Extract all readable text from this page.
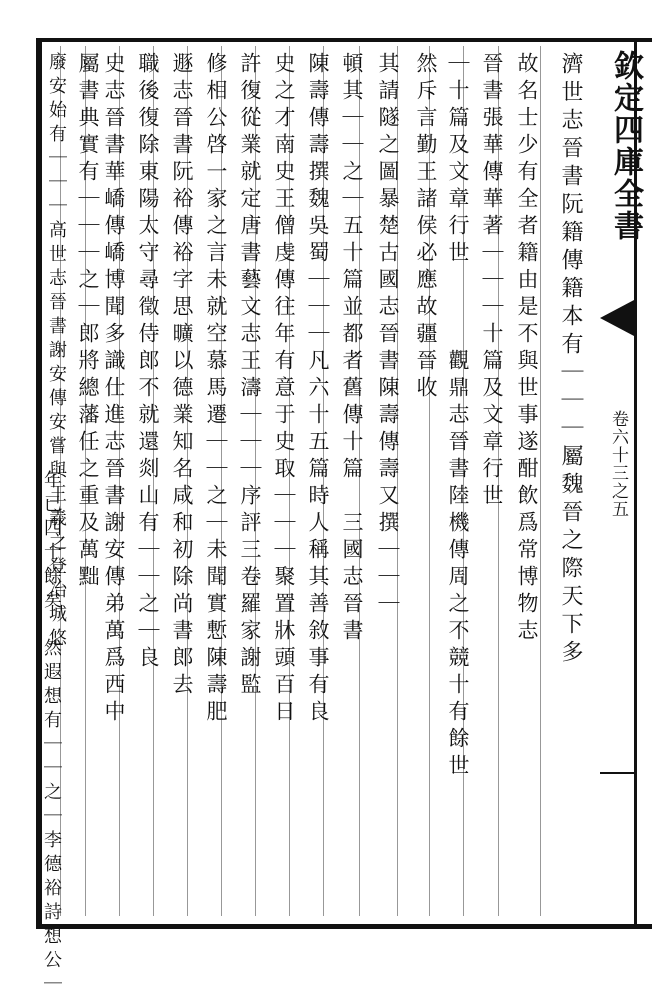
欽定四庫全書
卷六十三之五
濟世志晉書阮籍傳籍本有｜｜｜屬魏晉之際天下多
故名士少有全者籍由是不與世事遂酣飲爲常博物志
晉書張華傳華著｜｜｜十篇及文章行世
｜十篇及文章行世　　　觀鼎志晉書陸機傳周之不競十有餘世
然斥言勤王諸侯必應故疆晉收
其請隧之圖暴楚古國志晉書陳壽傳壽又撰｜｜｜
頓其｜｜之｜五十篇並都者舊傳十篇　三國志晉書
陳壽傳壽撰魏吳蜀｜｜｜凡六十五篇時人稱其善敘事有良
史之才南史王僧虔傳往年有意于史取｜｜｜聚置牀頭百日
許復從業就定唐書藝文志王濤｜｜｜序評三卷羅家謝監
修相公啓一家之言未就空慕馬遷｜｜之｜未聞實慙陳壽肥
遯志晉書阮裕傳裕字思曠以德業知名咸和初除尚書郎去
職後復除東陽太守尋徵侍郎不就還剡山有｜｜之｜良
史志晉書華嶠傳嶠博聞多識仕進志晉書謝安傳弟萬爲西中
屬書典實有｜｜｜之｜郎將總藩任之重及萬黜
廢安始有｜｜｜高世志晉書謝安傳安嘗與王羲之登冶城悠
年已四十餘矣　然遐想有｜｜之｜李德裕詩想公｜
